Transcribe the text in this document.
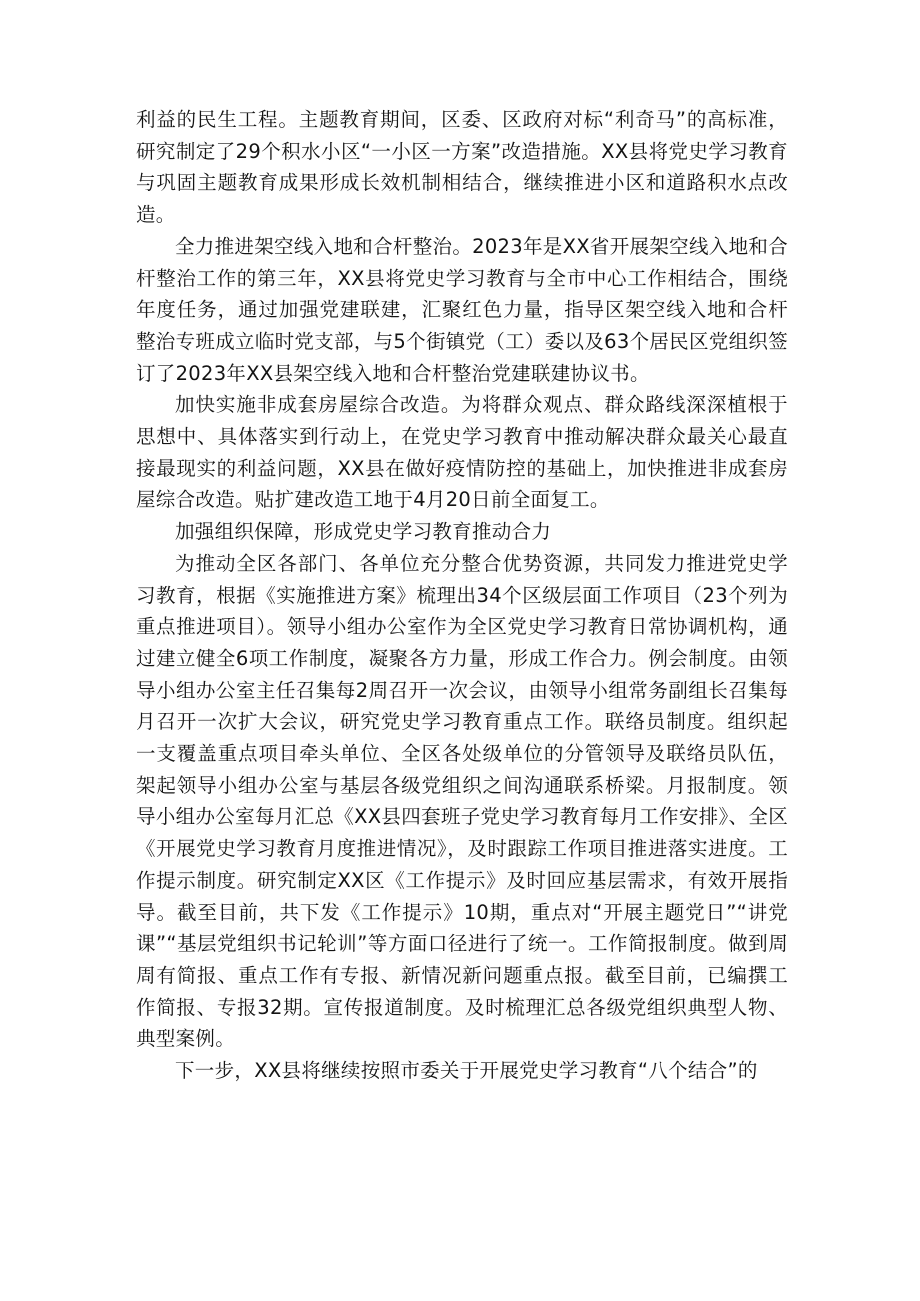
利益的民生工程。主题教育期间，区委、区政府对标“利奇马”的高标准，研究制定了29个积水小区“一小区一方案”改造措施。XX县将党史学习教育与巩固主题教育成果形成长效机制相结合，继续推进小区和道路积水点改造。

全力推进架空线入地和合杆整治。2023年是XX省开展架空线入地和合杆整治工作的第三年，XX县将党史学习教育与全市中心工作相结合，围绕年度任务，通过加强党建联建，汇聚红色力量，指导区架空线入地和合杆整治专班成立临时党支部，与5个街镇党（工）委以及63个居民区党组织签订了2023年XX县架空线入地和合杆整治党建联建协议书。

加快实施非成套房屋综合改造。为将群众观点、群众路线深深植根于思想中、具体落实到行动上，在党史学习教育中推动解决群众最关心最直接最现实的利益问题，XX县在做好疫情防控的基础上，加快推进非成套房屋综合改造。贴扩建改造工地于4月20日前全面复工。

加强组织保障，形成党史学习教育推动合力

为推动全区各部门、各单位充分整合优势资源，共同发力推进党史学习教育，根据《实施推进方案》梳理出34个区级层面工作项目（23个列为重点推进项目）。领导小组办公室作为全区党史学习教育日常协调机构，通过建立健全6项工作制度，凝聚各方力量，形成工作合力。例会制度。由领导小组办公室主任召集每2周召开一次会议，由领导小组常务副组长召集每月召开一次扩大会议，研究党史学习教育重点工作。联络员制度。组织起一支覆盖重点项目牵头单位、全区各处级单位的分管领导及联络员队伍，架起领导小组办公室与基层各级党组织之间沟通联系桥梁。月报制度。领导小组办公室每月汇总《XX县四套班子党史学习教育每月工作安排》、全区《开展党史学习教育月度推进情况》，及时跟踪工作项目推进落实进度。工作提示制度。研究制定XX区《工作提示》及时回应基层需求，有效开展指导。截至目前，共下发《工作提示》10期，重点对“开展主题党日”“讲党课”“基层党组织书记轮训”等方面口径进行了统一。工作简报制度。做到周周有简报、重点工作有专报、新情况新问题重点报。截至目前，已编撰工作简报、专报32期。宣传报道制度。及时梳理汇总各级党组织典型人物、典型案例。

下一步，XX县将继续按照市委关于开展党史学习教育“八个结合”的
